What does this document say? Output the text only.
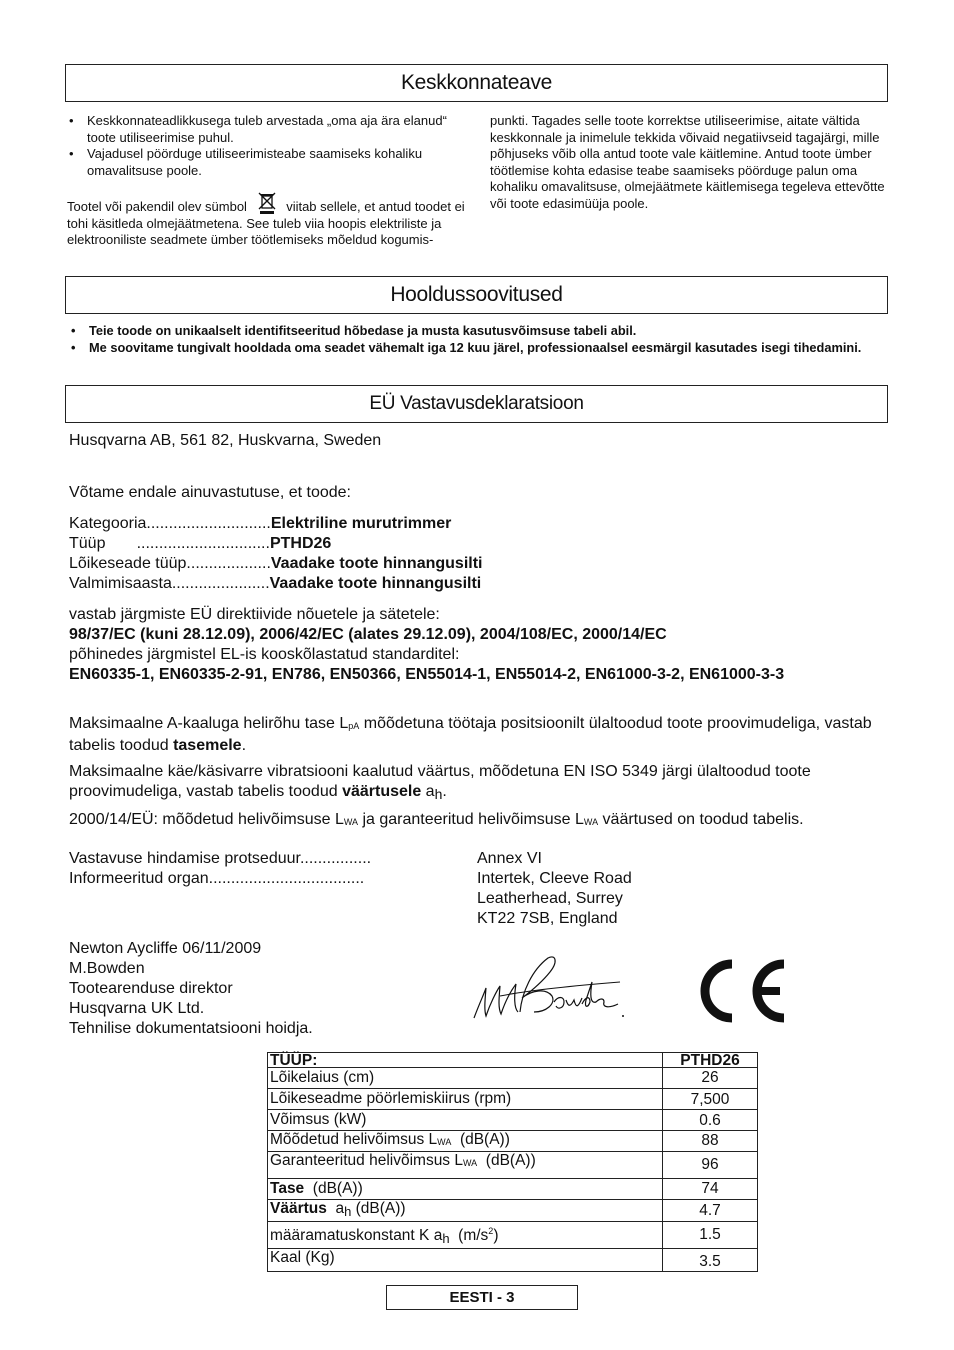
Keskkonnateave
• Keskkonnateadlikkusega tuleb arvestada „oma aja ära elanud“ toote utiliseerimise puhul.
• Vajadusel pöörduge utiliseerimisteabe saamiseks kohaliku omavalitsuse poole.
Tootel või pakendil olev sümbol	viitab sellele, et antud toodet ei tohi käsitleda olmejäätmetena. See tuleb viia hoopis elektriliste ja elektrooniliste seadmete ümber töötlemiseks mõeldud kogumis-
punkti. Tagades selle toote korrektse utiliseerimise, aitate vältida keskkonnale ja inimelule tekkida võivaid negatiivseid tagajärgi, mille põhjuseks võib olla antud toote vale käitlemine. Antud toote ümber töötlemise kohta edasise teabe saamiseks pöörduge palun oma kohaliku omavalitsuse, olmejäätmete käitlemisega tegeleva ettevõtte või toote edasimüüja poole.
Hooldussoovitused
• Teie toode on unikaalselt identifitseeritud hõbedase ja musta kasutusvõimsuse tabeli abil.
• Me soovitame tungivalt hooldada oma seadet vähemalt iga 12 kuu järel, professionaalsel eesmärgil kasutades isegi tihedamini.
EÜ Vastavusdeklaratsioon
Husqvarna AB, 561 82, Huskvarna, Sweden
Võtame endale ainuvastutuse, et toode:
Kategooria............................Elektriline murutrimmer
Tüüp       ..............................PTHD26
Lõikeseade tüüp...................Vaadake toote hinnangusilti
Valmimisaasta......................Vaadake toote hinnangusilti
vastab järgmiste EÜ direktiivide nõuetele ja sätetele:
98/37/EC (kuni 28.12.09), 2006/42/EC (alates 29.12.09), 2004/108/EC, 2000/14/EC
põhinedes järgmistel EL-is kooskõlastatud standarditel:
EN60335-1, EN60335-2-91, EN786, EN50366, EN55014-1, EN55014-2, EN61000-3-2, EN61000-3-3
Maksimaalne A-kaaluga helirõhu tase $L_{pA}$ mõõdetuna töötaja positsioonilt ülaltoodud toote proovimudeliga, vastab tabelis toodud tasemele.
Maksimaalne käe/käsivarre vibratsiooni kaalutud väärtus, mõõdetuna EN ISO 5349 järgi ülaltoodud toote proovimudeliga, vastab tabelis toodud väärtusele $a_h$.
2000/14/EÜ: mõõdetud helivõimsuse $L_{WA}$ ja garanteeritud helivõimsuse $L_{WA}$ väärtused on toodud tabelis.
Vastavuse hindamise protseduur................	Annex VI
Informeeritud organ...................................	Intertek, Cleeve Road
Leatherhead, Surrey
KT22 7SB, England
Newton Aycliffe 06/11/2009
M.Bowden
Tootearenduse direktor
Husqvarna UK Ltd.
Tehnilise dokumentatsiooni hoidja.
TÜÜP:	PTHD26
Lõikelaius (cm)	26
Lõikeseadme pöörlemiskiirus (rpm)	7,500
Võimsus (kW)	0.6
Mõõdetud helivõimsus $L_{WA}$  (dB(A))	88
Garanteeritud helivõimsus $L_{WA}$  (dB(A))	96
Tase  (dB(A))	74
Väärtus  $a_h$ (dB(A))	4.7
määramatuskonstant K $a_h$  $(m/s^2)$	1.5
Kaal (Kg)	3.5
EESTI - 3
